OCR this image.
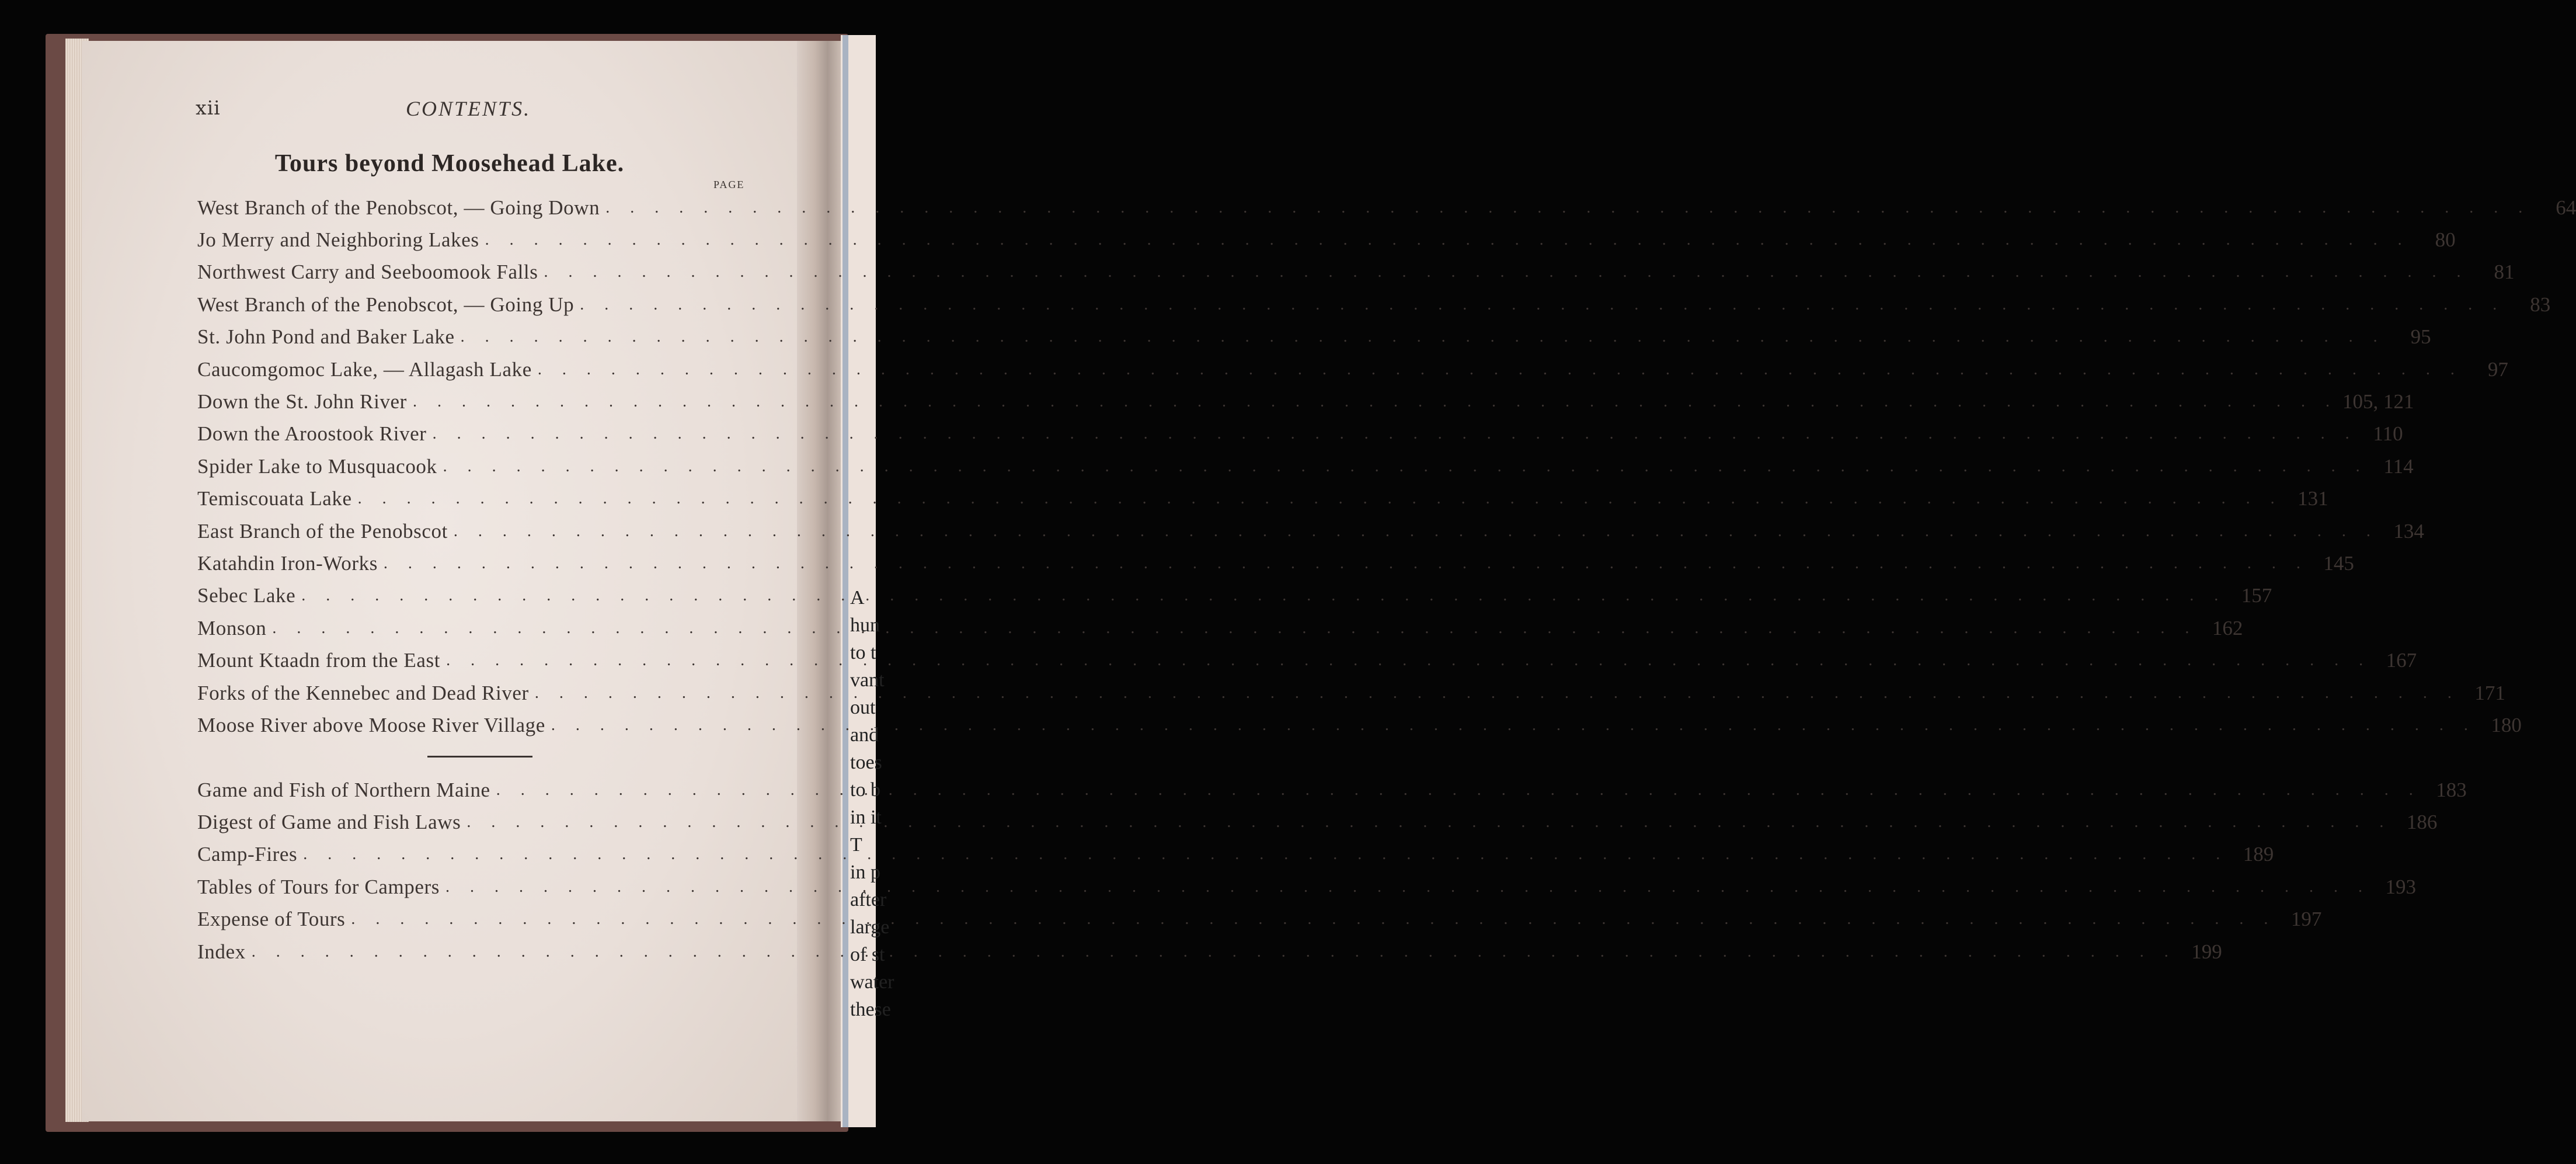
A
hun
to t
vant
out
and
toes
to b
in it
T
in p
after
large
of st
water
these
xii	CONTENTS.
Tours beyond Moosehead Lake.
PAGE
West Branch of the Penobscot, — Going Down . . .	64
Jo Merry and Neighboring Lakes . . .	80
Northwest Carry and Seeboomook Falls . . .	81
West Branch of the Penobscot, — Going Up . . .	83
St. John Pond and Baker Lake . . .	95
Caucomgomoc Lake, — Allagash Lake . . .	97
Down the St. John River . . .	105, 121
Down the Aroostook River . . .	110
Spider Lake to Musquacook . . .	114
Temiscouata Lake . . .	131
East Branch of the Penobscot . . .	134
Katahdin Iron-Works . . .	145
Sebec Lake . . .	157
Monson . . .	162
Mount Ktaadn from the East . . .	167
Forks of the Kennebec and Dead River . . .	171
Moose River above Moose River Village . . .	180
Game and Fish of Northern Maine . . .	183
Digest of Game and Fish Laws . . .	186
Camp-Fires . . .	189
Tables of Tours for Campers . . .	193
Expense of Tours . . .	197
Index . . .	199
